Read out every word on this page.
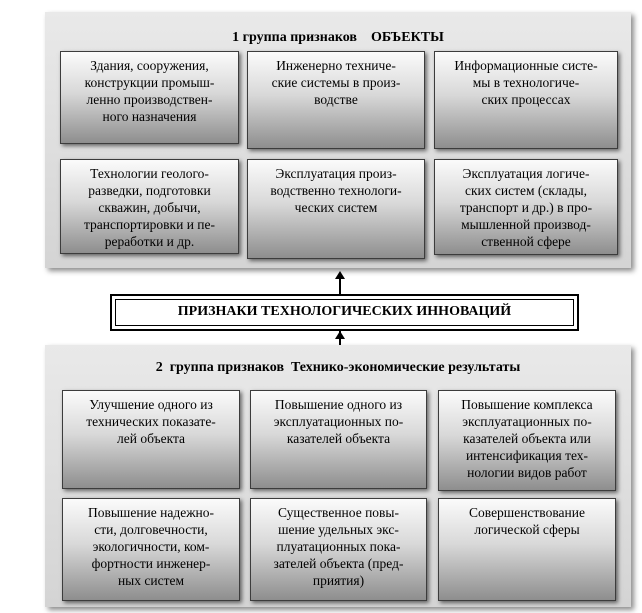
1 группа признаков    ОБЪЕКТЫ
Здания, сооружения,
конструкции промыш-
ленно производствен-
ного назначения
Инженерно техниче-
ские системы в произ-
водстве
Информационные систе-
мы в технологиче-
ских процессах
Технологии геолого-
разведки, подготовки
скважин, добычи,
транспортировки и пе-
реработки и др.
Эксплуатация произ-
водственно технологи-
ческих систем
Эксплуатация логиче-
ских систем (склады,
транспорт и др.) в про-
мышленной производ-
ственной сфере
ПРИЗНАКИ ТЕХНОЛОГИЧЕСКИХ ИННОВАЦИЙ
2  группа признаков  Технико-экономические результаты
Улучшение одного из
технических показате-
лей объекта
Повышение одного из
эксплуатационных по-
казателей объекта
Повышение комплекса
эксплуатационных по-
казателей объекта или
интенсификация тех-
нологии видов работ
Повышение надежно-
сти, долговечности,
экологичности, ком-
фортности инженер-
ных систем
Существенное повы-
шение удельных экс-
плуатационных пока-
зателей объекта (пред-
приятия)
Совершенствование
логической сферы
